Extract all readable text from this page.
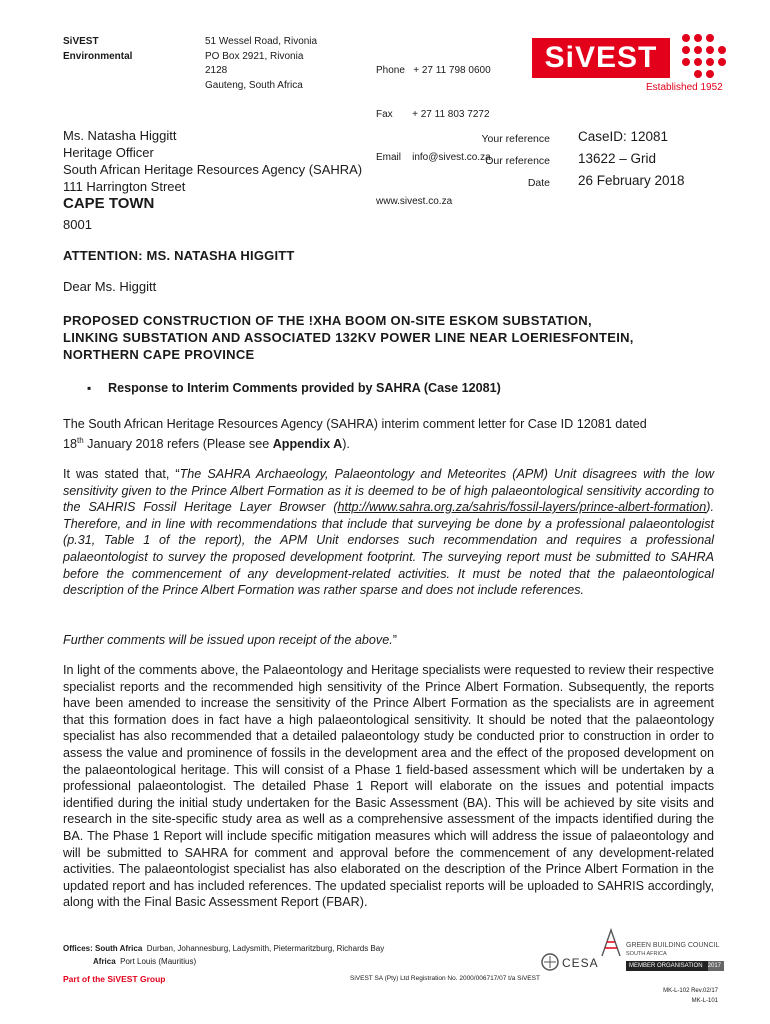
SiVEST
Environmental
51 Wessel Road, Rivonia
PO Box 2921, Rivonia
2128
Gauteng, South Africa

Phone   + 27 11 798 0600

Fax       + 27 11 803 7272

Email    info@sivest.co.za

www.sivest.co.za

SiVEST
Established 1952
Ms. Natasha Higgitt
Heritage Officer
South African Heritage Resources Agency (SAHRA)
111 Harrington Street
CAPE TOWN
8001
Your reference CaseID: 12081
Our reference 13622 – Grid
Date 26 February 2018
ATTENTION: MS. NATASHA HIGGITT
Dear Ms. Higgitt
PROPOSED CONSTRUCTION OF THE !XHA BOOM ON-SITE ESKOM SUBSTATION,
LINKING SUBSTATION AND ASSOCIATED 132KV POWER LINE NEAR LOERIESFONTEIN,
NORTHERN CAPE PROVINCE
▪ Response to Interim Comments provided by SAHRA (Case 12081)
The South African Heritage Resources Agency (SAHRA) interim comment letter for Case ID 12081 dated
18th January 2018 refers (Please see Appendix A).
It was stated that, “The SAHRA Archaeology, Palaeontology and Meteorites (APM) Unit disagrees with the low sensitivity given to the Prince Albert Formation as it is deemed to be of high palaeontological sensitivity according to the SAHRIS Fossil Heritage Layer Browser (http://www.sahra.org.za/sahris/fossil-layers/prince-albert-formation). Therefore, and in line with recommendations that include that surveying be done by a professional palaeontologist (p.31, Table 1 of the report), the APM Unit endorses such recommendation and requires a professional palaeontologist to survey the proposed development footprint. The surveying report must be submitted to SAHRA before the commencement of any development-related activities. It must be noted that the palaeontological description of the Prince Albert Formation was rather sparse and does not include references.
Further comments will be issued upon receipt of the above.”
In light of the comments above, the Palaeontology and Heritage specialists were requested to review their respective specialist reports and the recommended high sensitivity of the Prince Albert Formation. Subsequently, the reports have been amended to increase the sensitivity of the Prince Albert Formation as the specialists are in agreement that this formation does in fact have a high palaeontological sensitivity. It should be noted that the palaeontology specialist has also recommended that a detailed palaeontology study be conducted prior to construction in order to assess the value and prominence of fossils in the development area and the effect of the proposed development on the palaeontological heritage. This will consist of a Phase 1 field-based assessment which will be undertaken by a professional palaeontologist. The detailed Phase 1 Report will elaborate on the issues and potential impacts identified during the initial study undertaken for the Basic Assessment (BA). This will be achieved by site visits and research in the site-specific study area as well as a comprehensive assessment of the impacts identified during the BA. The Phase 1 Report will include specific mitigation measures which will address the issue of palaeontology and will be submitted to SAHRA for comment and approval before the commencement of any development-related activities. The palaeontologist specialist has also elaborated on the description of the Prince Albert Formation in the updated report and has included references. The updated specialist reports will be uploaded to SAHRIS accordingly, along with the Final Basic Assessment Report (FBAR).
Offices: South Africa Durban, Johannesburg, Ladysmith, Pietermaritzburg, Richards Bay
Africa Port Louis (Mauritius)
Part of the SiVEST Group	SiVEST SA (Pty) Ltd Registration No. 2000/006717/07 t/a SiVEST
CESA
GREEN BUILDING COUNCIL
SOUTH AFRICA
MEMBER ORGANISATION 2017
MK-L-102 Rev.02/17
MK-L-101
